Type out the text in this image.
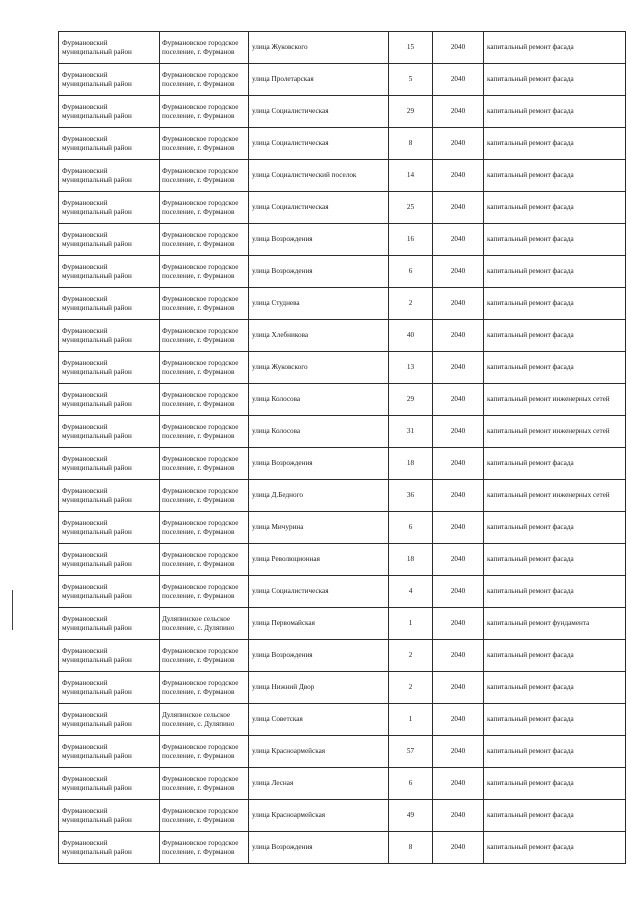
Фурмановский муниципальный район	Фурмановское городское поселение, г. Фурманов	улица Жуковского	15	2040	капитальный ремонт фасада
Фурмановский муниципальный район	Фурмановское городское поселение, г. Фурманов	улица Пролетарская	5	2040	капитальный ремонт фасада
Фурмановский муниципальный район	Фурмановское городское поселение, г. Фурманов	улица Социалистическая	29	2040	капитальный ремонт фасада
Фурмановский муниципальный район	Фурмановское городское поселение, г. Фурманов	улица Социалистическая	8	2040	капитальный ремонт фасада
Фурмановский муниципальный район	Фурмановское городское поселение, г. Фурманов	улица Социалистический поселок	14	2040	капитальный ремонт фасада
Фурмановский муниципальный район	Фурмановское городское поселение, г. Фурманов	улица Социалистическая	25	2040	капитальный ремонт фасада
Фурмановский муниципальный район	Фурмановское городское поселение, г. Фурманов	улица Возрождения	16	2040	капитальный ремонт фасада
Фурмановский муниципальный район	Фурмановское городское поселение, г. Фурманов	улица Возрождения	6	2040	капитальный ремонт фасада
Фурмановский муниципальный район	Фурмановское городское поселение, г. Фурманов	улица Студнева	2	2040	капитальный ремонт фасада
Фурмановский муниципальный район	Фурмановское городское поселение, г. Фурманов	улица Хлебникова	40	2040	капитальный ремонт фасада
Фурмановский муниципальный район	Фурмановское городское поселение, г. Фурманов	улица Жуковского	13	2040	капитальный ремонт фасада
Фурмановский муниципальный район	Фурмановское городское поселение, г. Фурманов	улица Колосова	29	2040	капитальный ремонт инженерных сетей
Фурмановский муниципальный район	Фурмановское городское поселение, г. Фурманов	улица Колосова	31	2040	капитальный ремонт инженерных сетей
Фурмановский муниципальный район	Фурмановское городское поселение, г. Фурманов	улица Возрождения	18	2040	капитальный ремонт фасада
Фурмановский муниципальный район	Фурмановское городское поселение, г. Фурманов	улица Д.Бедного	36	2040	капитальный ремонт инженерных сетей
Фурмановский муниципальный район	Фурмановское городское поселение, г. Фурманов	улица Мичурина	6	2040	капитальный ремонт фасада
Фурмановский муниципальный район	Фурмановское городское поселение, г. Фурманов	улица Революционная	18	2040	капитальный ремонт фасада
Фурмановский муниципальный район	Фурмановское городское поселение, г. Фурманов	улица Социалистическая	4	2040	капитальный ремонт фасада
Фурмановский муниципальный район	Дуляпинское сельское поселение, с. Дуляпино	улица Первомайская	1	2040	капитальный ремонт фундамента
Фурмановский муниципальный район	Фурмановское городское поселение, г. Фурманов	улица Возрождения	2	2040	капитальный ремонт фасада
Фурмановский муниципальный район	Фурмановское городское поселение, г. Фурманов	улица Нижний Двор	2	2040	капитальный ремонт фасада
Фурмановский муниципальный район	Дуляпинское сельское поселение, с. Дуляпино	улица Советская	1	2040	капитальный ремонт фасада
Фурмановский муниципальный район	Фурмановское городское поселение, г. Фурманов	улица Красноармейская	57	2040	капитальный ремонт фасада
Фурмановский муниципальный район	Фурмановское городское поселение, г. Фурманов	улица Лесная	6	2040	капитальный ремонт фасада
Фурмановский муниципальный район	Фурмановское городское поселение, г. Фурманов	улица Красноармейская	49	2040	капитальный ремонт фасада
Фурмановский муниципальный район	Фурмановское городское поселение, г. Фурманов	улица Возрождения	8	2040	капитальный ремонт фасада
